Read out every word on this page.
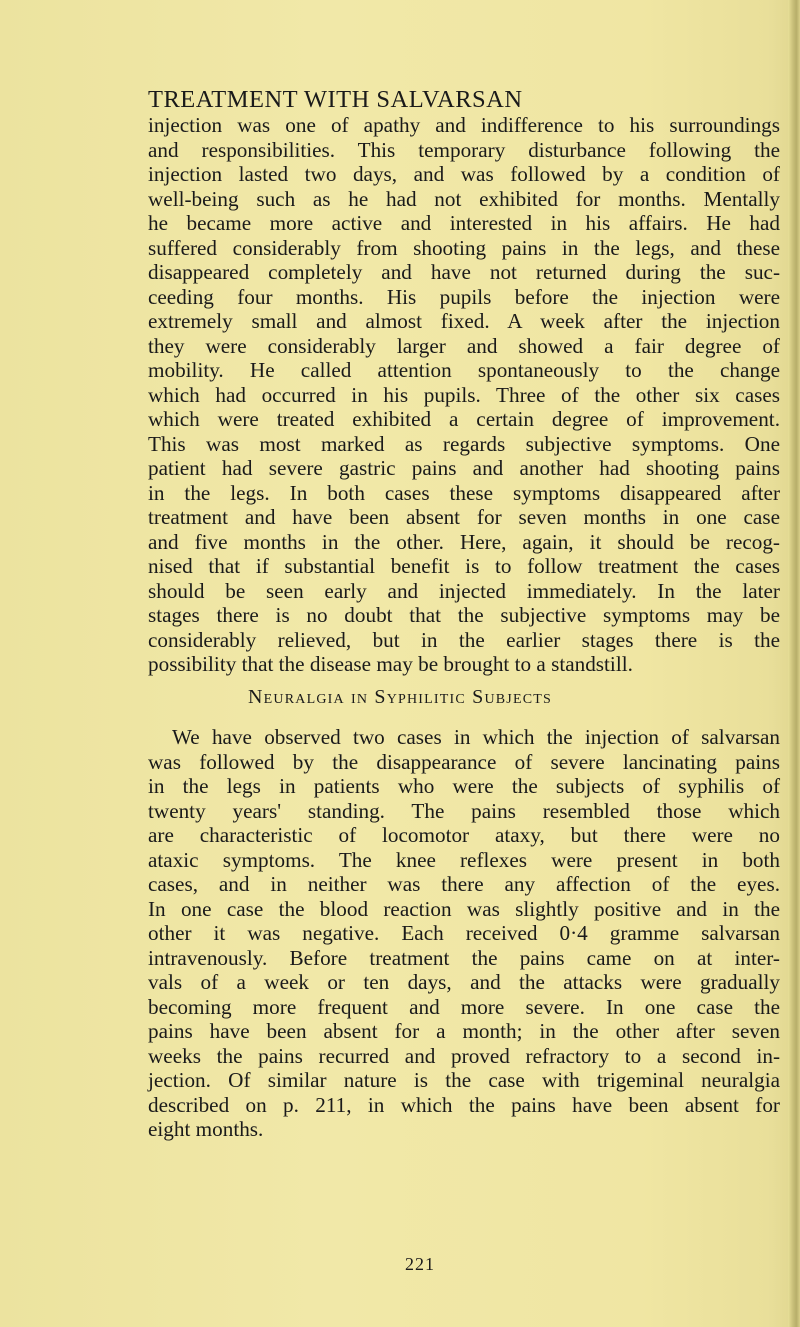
TREATMENT WITH SALVARSAN
injection was one of apathy and indifference to his surroundings
and responsibilities. This temporary disturbance following the
injection lasted two days, and was followed by a condition of
well-being such as he had not exhibited for months. Mentally
he became more active and interested in his affairs. He had
suffered considerably from shooting pains in the legs, and these
disappeared completely and have not returned during the suc-
ceeding four months. His pupils before the injection were
extremely small and almost fixed. A week after the injection
they were considerably larger and showed a fair degree of
mobility. He called attention spontaneously to the change
which had occurred in his pupils. Three of the other six cases
which were treated exhibited a certain degree of improvement.
This was most marked as regards subjective symptoms. One
patient had severe gastric pains and another had shooting pains
in the legs. In both cases these symptoms disappeared after
treatment and have been absent for seven months in one case
and five months in the other. Here, again, it should be recog-
nised that if substantial benefit is to follow treatment the cases
should be seen early and injected immediately. In the later
stages there is no doubt that the subjective symptoms may be
considerably relieved, but in the earlier stages there is the
possibility that the disease may be brought to a standstill.
Neuralgia in Syphilitic Subjects
We have observed two cases in which the injection of salvarsan
was followed by the disappearance of severe lancinating pains
in the legs in patients who were the subjects of syphilis of
twenty years' standing. The pains resembled those which
are characteristic of locomotor ataxy, but there were no
ataxic symptoms. The knee reflexes were present in both
cases, and in neither was there any affection of the eyes.
In one case the blood reaction was slightly positive and in the
other it was negative. Each received 0·4 gramme salvarsan
intravenously. Before treatment the pains came on at inter-
vals of a week or ten days, and the attacks were gradually
becoming more frequent and more severe. In one case the
pains have been absent for a month; in the other after seven
weeks the pains recurred and proved refractory to a second in-
jection. Of similar nature is the case with trigeminal neuralgia
described on p. 211, in which the pains have been absent for
eight months.
221
